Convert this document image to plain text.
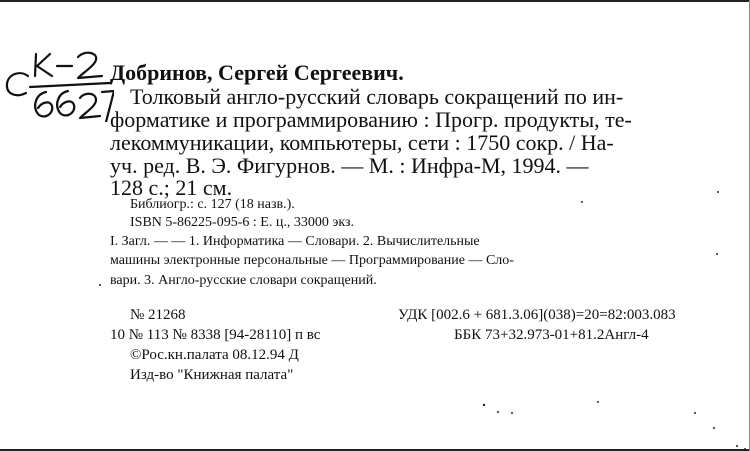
Добринов, Сергей Сергеевич.
Толковый англо-русский словарь сокращений по ин-
форматике и программированию : Прогр. продукты, те-
лекоммуникации, компьютеры, сети : 1750 сокр. / На-
уч. ред. В. Э. Фигурнов. — М. : Инфра-М, 1994. —
128 с.; 21 см.
Библиогр.: с. 127 (18 назв.).
ISBN 5-86225-095-6 : Е. ц., 33000 экз.
I. Загл. — — 1. Информатика — Словари. 2. Вычислительные
машины электронные персональные — Программирование — Сло-
вари. 3. Англо-русские словари сокращений.
№ 21268
10 № 113 № 8338 [94-28110] п вс
©Рос.кн.палата 08.12.94 Д
Изд-во "Книжная палата"
УДК [002.6 + 681.3.06](038)=20=82:003.083
ББК 73+32.973-01+81.2Англ-4
